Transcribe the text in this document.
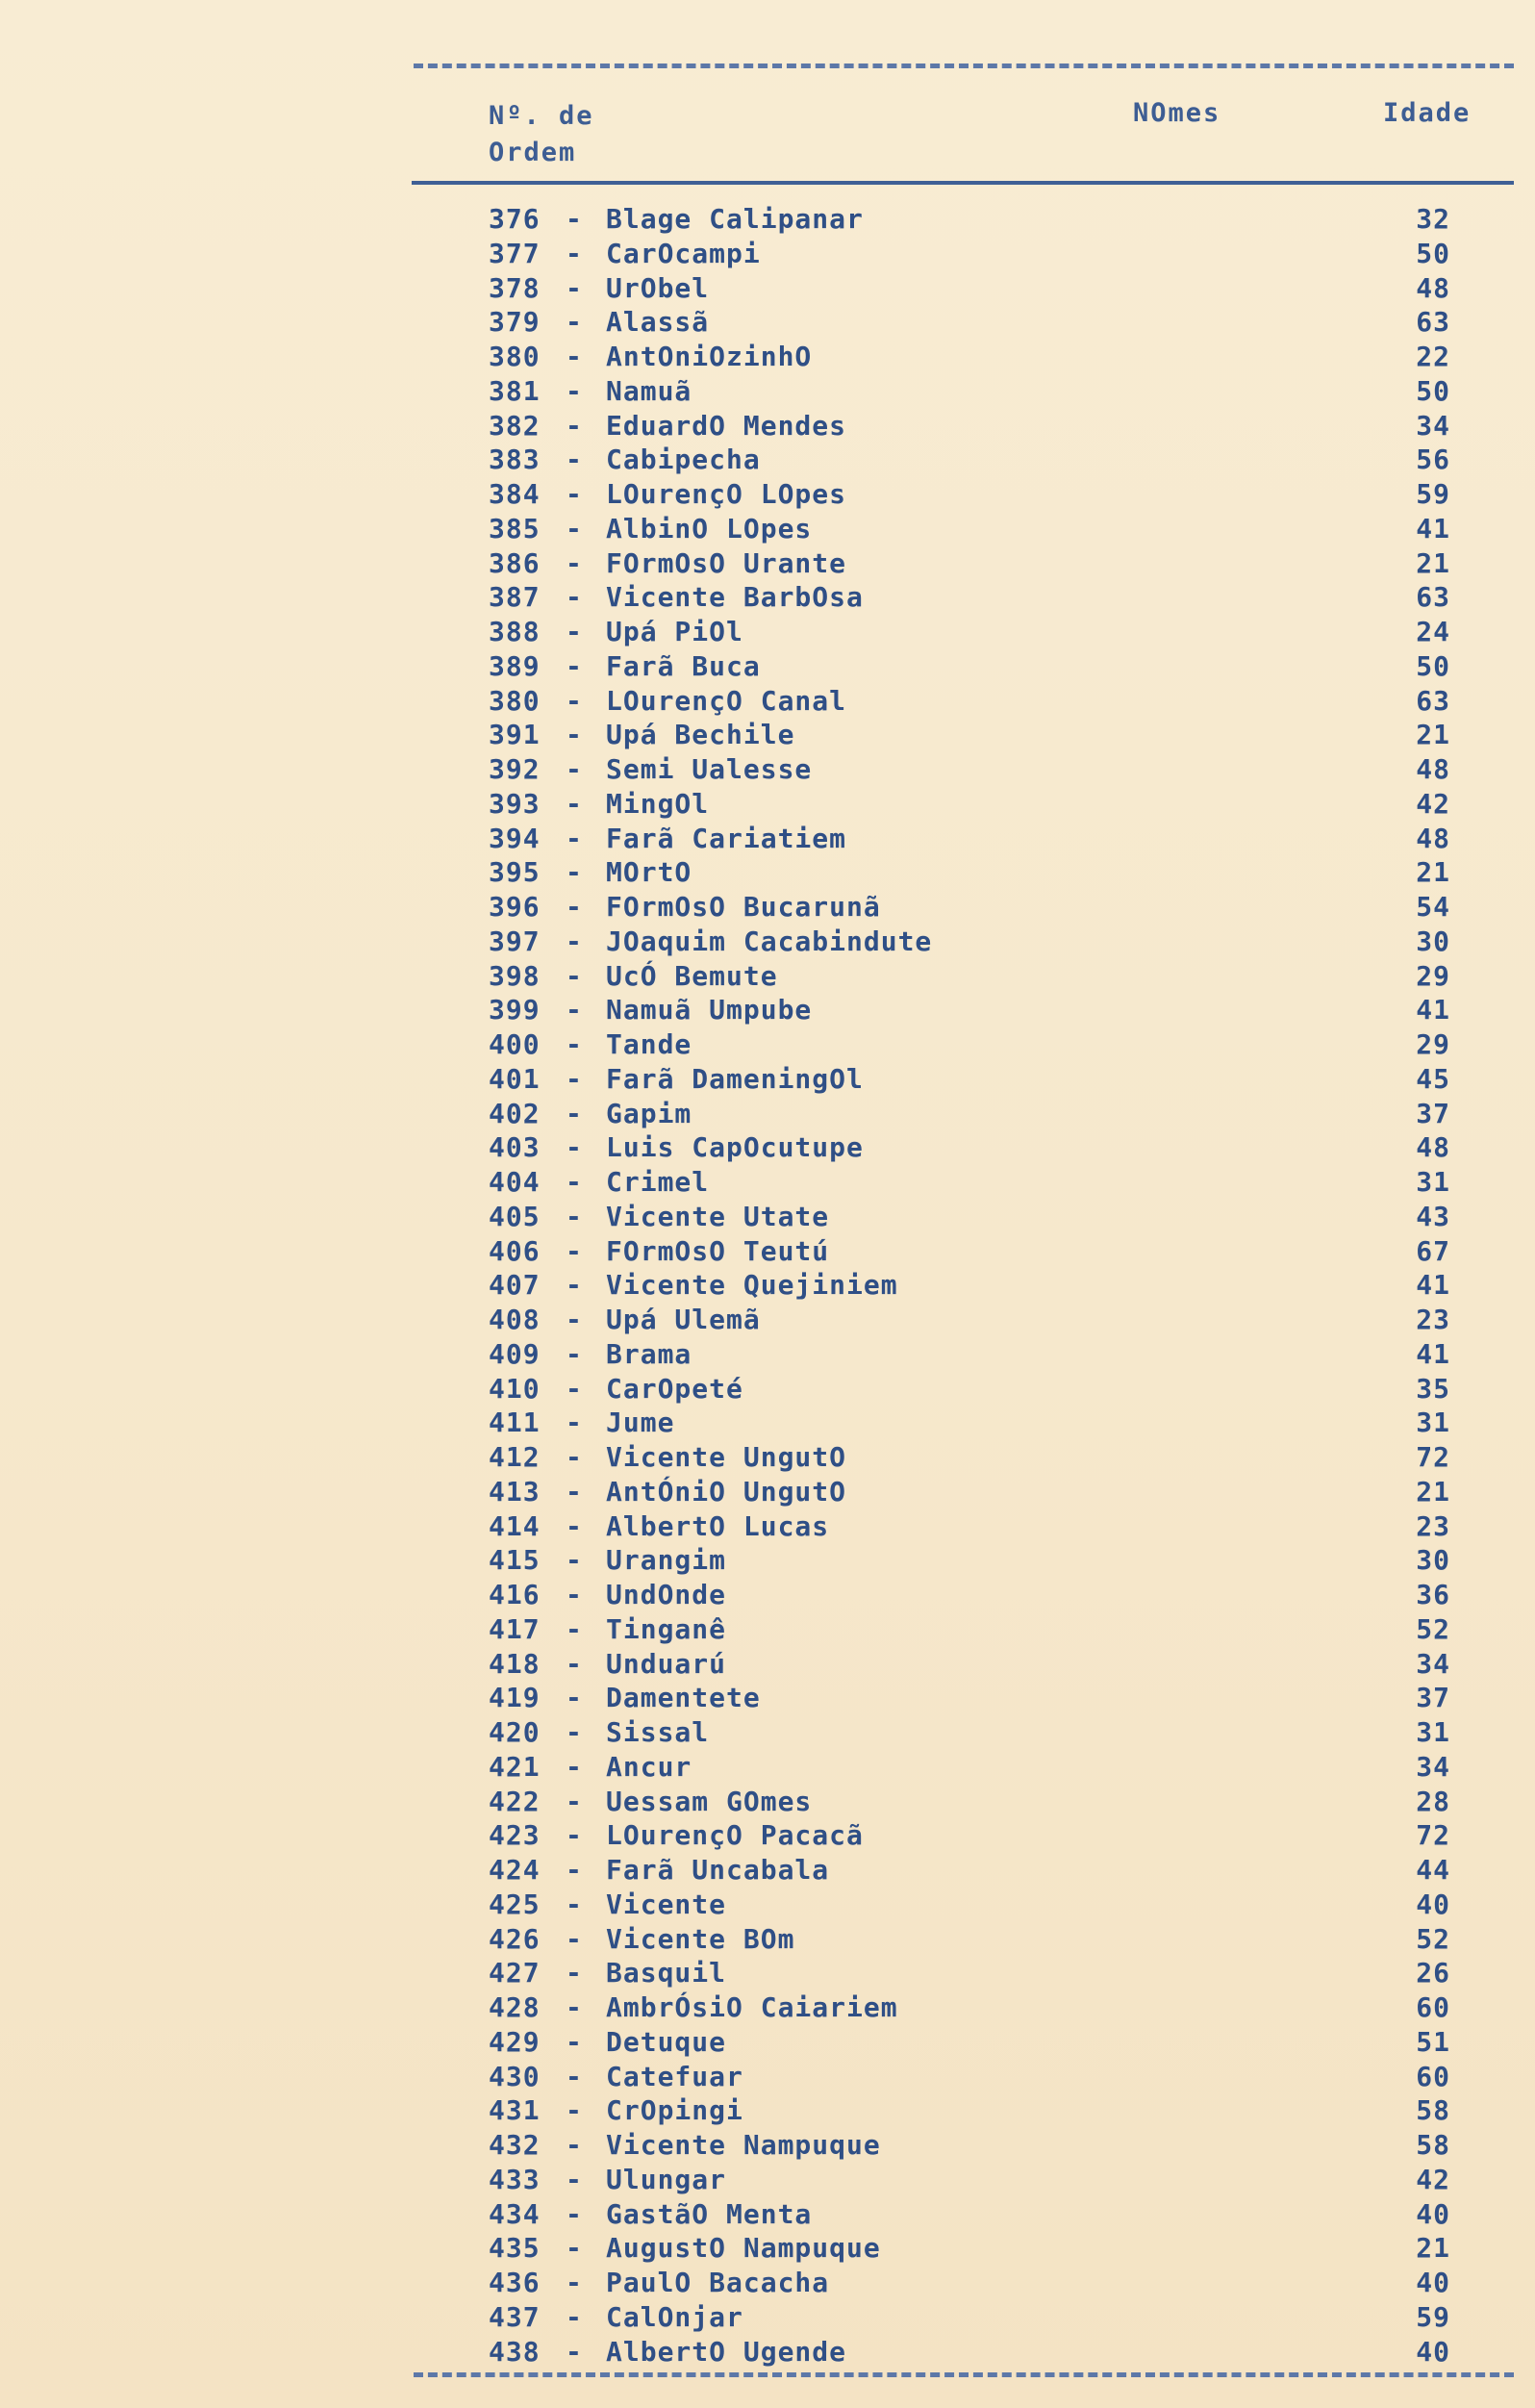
Nº. de
Ordem
NOmes	Idade
376 - Blage Calipanar	32
377 - CarOcampi	50
378 - UrObel	48
379 - Alassã	63
380 - AntOniOzinhO	22
381 - Namuã	50
382 - EduardO Mendes	34
383 - Cabipecha	56
384 - LOurençO LOpes	59
385 - AlbinO LOpes	41
386 - FOrmOsO Urante	21
387 - Vicente BarbOsa	63
388 - Upá PiOl	24
389 - Farã Buca	50
380 - LOurençO Canal	63
391 - Upá Bechile	21
392 - Semi Ualesse	48
393 - MingOl	42
394 - Farã Cariatiem	48
395 - MOrtO	21
396 - FOrmOsO Bucarunã	54
397 - JOaquim Cacabindute	30
398 - UcÓ Bemute	29
399 - Namuã Umpube	41
400 - Tande	29
401 - Farã DameningOl	45
402 - Gapim	37
403 - Luis CapOcutupe	48
404 - Crimel	31
405 - Vicente Utate	43
406 - FOrmOsO Teutú	67
407 - Vicente Quejiniem	41
408 - Upá Ulemã	23
409 - Brama	41
410 - CarOpeté	35
411 - Jume	31
412 - Vicente UngutO	72
413 - AntÓniO UngutO	21
414 - AlbertO Lucas	23
415 - Urangim	30
416 - UndOnde	36
417 - Tinganê	52
418 - Unduarú	34
419 - Damentete	37
420 - Sissal	31
421 - Ancur	34
422 - Uessam GOmes	28
423 - LOurençO Pacacã	72
424 - Farã Uncabala	44
425 - Vicente	40
426 - Vicente BOm	52
427 - Basquil	26
428 - AmbrÓsiO Caiariem	60
429 - Detuque	51
430 - Catefuar	60
431 - CrOpingi	58
432 - Vicente Nampuque	58
433 - Ulungar	42
434 - GastãO Menta	40
435 - AugustO Nampuque	21
436 - PaulO Bacacha	40
437 - CalOnjar	59
438 - AlbertO Ugende	40
